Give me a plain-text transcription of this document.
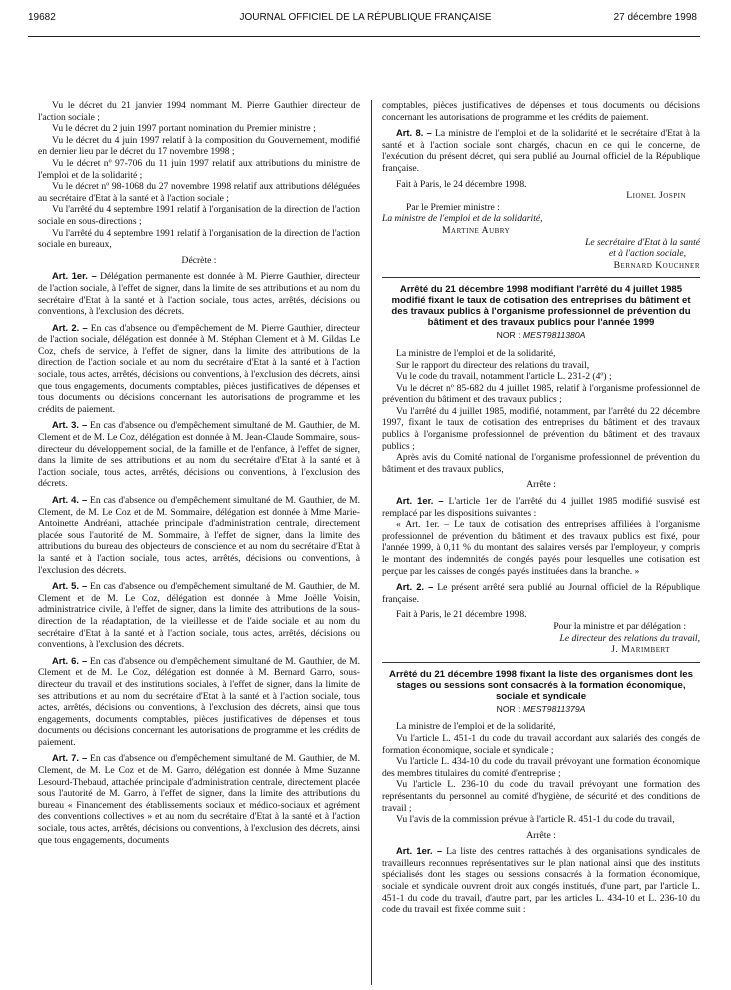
19682	JOURNAL OFFICIEL DE LA RÉPUBLIQUE FRANÇAISE	27 décembre 1998

Vu le décret du 21 janvier 1994 nommant M. Pierre Gauthier directeur de l'action sociale ;

Vu le décret du 2 juin 1997 portant nomination du Premier ministre ;

Vu le décret du 4 juin 1997 relatif à la composition du Gouvernement, modifié en dernier lieu par le décret du 17 novembre 1998 ;

Vu le décret nº 97-706 du 11 juin 1997 relatif aux attributions du ministre de l'emploi et de la solidarité ;

Vu le décret nº 98-1068 du 27 novembre 1998 relatif aux attributions déléguées au secrétaire d'Etat à la santé et à l'action sociale ;

Vu l'arrêté du 4 septembre 1991 relatif à l'organisation de la direction de l'action sociale en sous-directions ;

Vu l'arrêté du 4 septembre 1991 relatif à l'organisation de la direction de l'action sociale en bureaux,

Décrète :

Art. 1er. – Délégation permanente est donnée à M. Pierre Gauthier, directeur de l'action sociale, à l'effet de signer, dans la limite de ses attributions et au nom du secrétaire d'Etat à la santé et à l'action sociale, tous actes, arrêtés, décisions ou conventions, à l'exclusion des décrets.

Art. 2. – En cas d'absence ou d'empêchement de M. Pierre Gauthier, directeur de l'action sociale, délégation est donnée à M. Stéphan Clement et à M. Gildas Le Coz, chefs de service, à l'effet de signer, dans la limite des attributions de la direction de l'action sociale et au nom du secrétaire d'Etat à la santé et à l'action sociale, tous actes, arrêtés, décisions ou conventions, à l'exclusion des décrets, ainsi que tous engagements, documents comptables, pièces justificatives de dépenses et tous documents ou décisions concernant les autorisations de programme et les crédits de paiement.

Art. 3. – En cas d'absence ou d'empêchement simultané de M. Gauthier, de M. Clement et de M. Le Coz, délégation est donnée à M. Jean-Claude Sommaire, sous-directeur du développement social, de la famille et de l'enfance, à l'effet de signer, dans la limite de ses attributions et au nom du secrétaire d'Etat à la santé et à l'action sociale, tous actes, arrêtés, décisions ou conventions, à l'exclusion des décrets.

Art. 4. – En cas d'absence ou d'empêchement simultané de M. Gauthier, de M. Clement, de M. Le Coz et de M. Sommaire, délégation est donnée à Mme Marie-Antoinette Andréani, attachée principale d'administration centrale, directement placée sous l'autorité de M. Sommaire, à l'effet de signer, dans la limite des attributions du bureau des objecteurs de conscience et au nom du secrétaire d'Etat à la santé et à l'action sociale, tous actes, arrêtés, décisions ou conventions, à l'exclusion des décrets.

Art. 5. – En cas d'absence ou d'empêchement simultané de M. Gauthier, de M. Clement et de M. Le Coz, délégation est donnée à Mme Joëlle Voisin, administratrice civile, à l'effet de signer, dans la limite des attributions de la sous-direction de la réadaptation, de la vieillesse et de l'aide sociale et au nom du secrétaire d'Etat à la santé et à l'action sociale, tous actes, arrêtés, décisions ou conventions, à l'exclusion des décrets.

Art. 6. – En cas d'absence ou d'empêchement simultané de M. Gauthier, de M. Clement et de M. Le Coz, délégation est donnée à M. Bernard Garro, sous-directeur du travail et des institutions sociales, à l'effet de signer, dans la limite de ses attributions et au nom du secrétaire d'Etat à la santé et à l'action sociale, tous actes, arrêtés, décisions ou conventions, à l'exclusion des décrets, ainsi que tous engagements, documents comptables, pièces justificatives de dépenses et tous documents ou décisions concernant les autorisations de programme et les crédits de paiement.

Art. 7. – En cas d'absence ou d'empêchement simultané de M. Gauthier, de M. Clement, de M. Le Coz et de M. Garro, délégation est donnée à Mme Suzanne Lesourd-Thebaud, attachée principale d'administration centrale, directement placée sous l'autorité de M. Garro, à l'effet de signer, dans la limite des attributions du bureau « Financement des établissements sociaux et médico-sociaux et agrément des conventions collectives » et au nom du secrétaire d'Etat à la santé et à l'action sociale, tous actes, arrêtés, décisions ou conventions, à l'exclusion des décrets, ainsi que tous engagements, documents

comptables, pièces justificatives de dépenses et tous documents ou décisions concernant les autorisations de programme et les crédits de paiement.

Art. 8. – La ministre de l'emploi et de la solidarité et le secrétaire d'Etat à la santé et à l'action sociale sont chargés, chacun en ce qui le concerne, de l'exécution du présent décret, qui sera publié au Journal officiel de la République française.

Fait à Paris, le 24 décembre 1998.

Lionel Jospin

Par le Premier ministre :

La ministre de l'emploi et de la solidarité,

Martine Aubry

Le secrétaire d'Etat à la santé

et à l'action sociale,

Bernard Kouchner

Arrêté du 21 décembre 1998 modifiant l'arrêté du 4 juillet 1985 modifié fixant le taux de cotisation des entreprises du bâtiment et des travaux publics à l'organisme professionnel de prévention du bâtiment et des travaux publics pour l'année 1999
NOR : MEST9811380A

La ministre de l'emploi et de la solidarité,

Sur le rapport du directeur des relations du travail,

Vu le code du travail, notamment l'article L. 231-2 (4º) ;

Vu le décret nº 85-682 du 4 juillet 1985, relatif à l'organisme professionnel de prévention du bâtiment et des travaux publics ;

Vu l'arrêté du 4 juillet 1985, modifié, notamment, par l'arrêté du 22 décembre 1997, fixant le taux de cotisation des entreprises du bâtiment et des travaux publics à l'organisme professionnel de prévention du bâtiment et des travaux publics ;

Après avis du Comité national de l'organisme professionnel de prévention du bâtiment et des travaux publics,

Arrête :

Art. 1er. – L'article 1er de l'arrêté du 4 juillet 1985 modifié susvisé est remplacé par les dispositions suivantes :

« Art. 1er. – Le taux de cotisation des entreprises affiliées à l'organisme professionnel de prévention du bâtiment et des travaux publics est fixé, pour l'année 1999, à 0,11 % du montant des salaires versés par l'employeur, y compris le montant des indemnités de congés payés pour lesquelles une cotisation est perçue par les caisses de congés payés instituées dans la branche. »

Art. 2. – Le présent arrêté sera publié au Journal officiel de la République française.

Fait à Paris, le 21 décembre 1998.

Pour la ministre et par délégation :

Le directeur des relations du travail,

J. Marimbert

Arrêté du 21 décembre 1998 fixant la liste des organismes dont les stages ou sessions sont consacrés à la formation économique, sociale et syndicale
NOR : MEST9811379A

La ministre de l'emploi et de la solidarité,

Vu l'article L. 451-1 du code du travail accordant aux salariés des congés de formation économique, sociale et syndicale ;

Vu l'article L. 434-10 du code du travail prévoyant une formation économique des membres titulaires du comité d'entreprise ;

Vu l'article L. 236-10 du code du travail prévoyant une formation des représentants du personnel au comité d'hygiène, de sécurité et des conditions de travail ;

Vu l'avis de la commission prévue à l'article R. 451-1 du code du travail,

Arrête :

Art. 1er. – La liste des centres rattachés à des organisations syndicales de travailleurs reconnues représentatives sur le plan national ainsi que des instituts spécialisés dont les stages ou sessions consacrés à la formation économique, sociale et syndicale ouvrent droit aux congés institués, d'une part, par l'article L. 451-1 du code du travail, d'autre part, par les articles L. 434-10 et L. 236-10 du code du travail est fixée comme suit :
